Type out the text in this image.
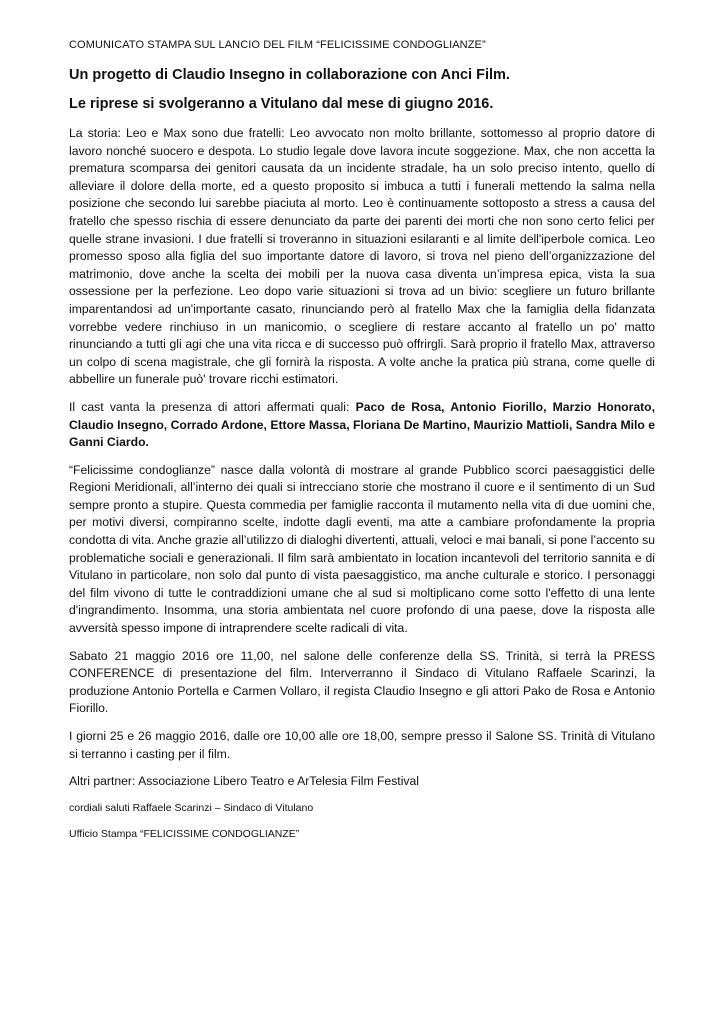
COMUNICATO STAMPA SUL LANCIO DEL FILM “FELICISSIME CONDOGLIANZE”

Un progetto di Claudio Insegno in collaborazione con Anci Film.

Le riprese si svolgeranno a Vitulano dal mese di giugno 2016.

La storia: Leo e Max sono due fratelli: Leo avvocato non molto brillante, sottomesso al proprio datore di lavoro nonché suocero e despota. Lo studio legale dove lavora incute soggezione. Max, che non accetta la prematura scomparsa dei genitori causata da un incidente stradale, ha un solo preciso intento, quello di alleviare il dolore della morte, ed a questo proposito si imbuca a tutti i funerali mettendo la salma nella posizione che secondo lui sarebbe piaciuta al morto. Leo è continuamente sottoposto a stress a causa del fratello che spesso rischia di essere denunciato da parte dei parenti dei morti che non sono certo felici per quelle strane invasioni. I due fratelli si troveranno in situazioni esilaranti e al limite dell'iperbole comica. Leo promesso sposo alla figlia del suo importante datore di lavoro, si trova nel pieno dell’organizzazione del matrimonio, dove anche la scelta dei mobili per la nuova casa diventa un’impresa epica, vista la sua ossessione per la perfezione. Leo dopo varie situazioni si trova ad un bivio: scegliere un futuro brillante imparentandosi ad un'importante casato, rinunciando però al fratello Max che la famiglia della fidanzata vorrebbe vedere rinchiuso in un manicomio, o scegliere di restare accanto al fratello un po' matto rinunciando a tutti gli agi che una vita ricca e di successo può offrirgli. Sarà proprio il fratello Max, attraverso un colpo di scena magistrale, che gli fornirà la risposta. A volte anche la pratica più strana, come quelle di abbellire un funerale può' trovare ricchi estimatori.

Il cast vanta la presenza di attori affermati quali: Paco de Rosa, Antonio Fiorillo, Marzio Honorato, Claudio Insegno, Corrado Ardone, Ettore Massa, Floriana De Martino, Maurizio Mattioli, Sandra Milo e Ganni Ciardo.

“Felicissime condoglianze” nasce dalla volontà di mostrare al grande Pubblico scorci paesaggistici delle Regioni Meridionali, all’interno dei quali si intrecciano storie che mostrano il cuore e il sentimento di un Sud sempre pronto a stupire. Questa commedia per famiglie racconta il mutamento nella vita di due uomini che, per motivi diversi, compiranno scelte, indotte dagli eventi, ma atte a cambiare profondamente la propria condotta di vita. Anche grazie all’utilizzo di dialoghi divertenti, attuali, veloci e mai banali, si pone l’accento su problematiche sociali e generazionali. Il film sarà ambientato in location incantevoli del territorio sannita e di Vitulano in particolare, non solo dal punto di vista paesaggistico, ma anche culturale e storico. I personaggi del film vivono di tutte le contraddizioni umane che al sud si moltiplicano come sotto l'effetto di una lente d'ingrandimento. Insomma, una storia ambientata nel cuore profondo di una paese, dove la risposta alle avversità spesso impone di intraprendere scelte radicali di vita.

Sabato 21 maggio 2016 ore 11,00, nel salone delle conferenze della SS. Trinità, si terrà la PRESS CONFERENCE di presentazione del film. Interverranno il Sindaco di Vitulano Raffaele Scarinzi, la produzione Antonio Portella e Carmen Vollaro, il regista Claudio Insegno e gli attori Pako de Rosa e Antonio Fiorillo.

I giorni 25 e 26 maggio 2016, dalle ore 10,00 alle ore 18,00, sempre presso il Salone SS. Trinità di Vitulano si terranno i casting per il film.

Altri partner: Associazione Libero Teatro e ArTelesia Film Festival

cordiali saluti Raffaele Scarinzi – Sindaco di Vitulano

Ufficio Stampa “FELICISSIME CONDOGLIANZE”
